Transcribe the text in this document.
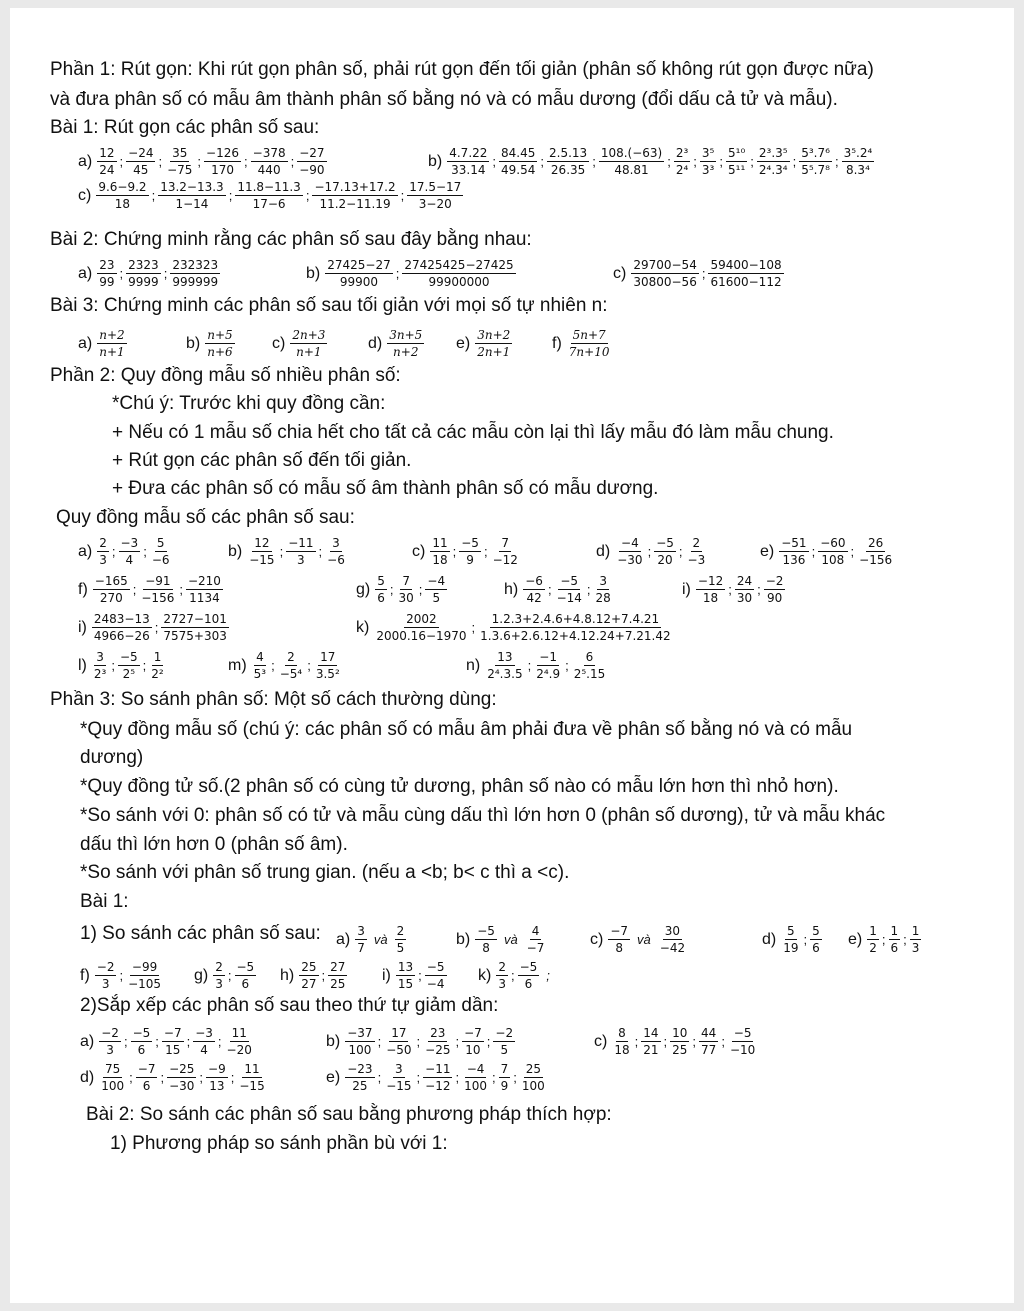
Phần 1: Rút gọn: Khi rút gọn phân số, phải rút gọn đến tối giản (phân số không rút gọn được nữa)
và đưa phân số có mẫu âm thành phân số bằng nó và có mẫu dương (đổi dấu cả tử và mẫu).
Bài 1: Rút gọn các phân số sau:
$a) \frac{12}{24}$ ; $\frac{-24}{45}$ ; $\frac{35}{-75}$ ; $\frac{-126}{170}$ ; $\frac{-378}{440}$ ; $\frac{-27}{-90}$	$b) \frac{4.7.22}{33.14}$ ; $\frac{84.45}{49.54}$ ; $\frac{2.5.13}{26.35}$ ; $\frac{108.(-63)}{48.81}$ ; $\frac{\text{2³}}{\text{2⁴}}$ ; $\frac{\text{3⁵}}{\text{3³}}$ ; $\frac{\text{5¹⁰}}{\text{5¹¹}}$ ; $\frac{\text{2³.3⁵}}{\text{2⁴.3⁴}}$ ; $\frac{\text{5³.7⁶}}{\text{5⁵.7⁸}}$ ; $\frac{\text{3⁵.2⁴}}{\text{8.3⁴}}$
$c) \frac{9.6-9.2}{18}$ ; $\frac{13.2-13.3}{1-14}$ ; $\frac{11.8-11.3}{17-6}$ ; $\frac{-17.13+17.2}{11.2-11.19}$ ; $\frac{17.5-17}{3-20}$
Bài 2: Chứng minh rằng các phân số sau đây bằng nhau:
$a) \frac{23}{99}$ ; $\frac{2323}{9999}$ ; $\frac{232323}{999999}$	$b) \frac{27425-27}{99900}$ ; $\frac{27425425-27425}{99900000}$	$c) \frac{29700-54}{30800-56}$ ; $\frac{59400-108}{61600-112}$
Bài 3: Chứng minh các phân số sau tối giản với mọi số tự nhiên n:
$a) \frac{n+2}{n+1}$	$b) \frac{n+5}{n+6} c) \frac{2n+3}{n+1}$	$d) \frac{3n+5}{n+2} e) \frac{3n+2}{2n+1} f) \frac{5n+7}{7n+10}$
Phần 2: Quy đồng mẫu số nhiều phân số:
*Chú ý: Trước khi quy đồng cần:
+ Nếu có 1 mẫu số chia hết cho tất cả các mẫu còn lại thì lấy mẫu đó làm mẫu chung.
+ Rút gọn các phân số đến tối giản.
+ Đưa các phân số có mẫu số âm thành phân số có mẫu dương.
Quy đồng mẫu số các phân số sau:
$a) \frac{2}{3}$ ; $\frac{-3}{4}$ ; $\frac{5}{-6}$	$b) \frac{12}{-15}$ ; $\frac{-11}{3}$ ; $\frac{3}{-6}$	$c) \frac{11}{18}$ ; $\frac{-5}{9}$ ; $\frac{7}{-12}$	$d) \frac{-4}{-30}$ ; $\frac{-5}{20}$ ; $\frac{2}{-3}$	$e) \frac{-51}{136}$ ; $\frac{-60}{108}$ ; $\frac{26}{-156}$
$f) \frac{-165}{270}$ ; $\frac{-91}{-156}$ ; $\frac{-210}{1134}$	$g) \frac{5}{6}$ ; $\frac{7}{30}$ ; $\frac{-4}{5}$	$h) \frac{-6}{42}$ ; $\frac{-5}{-14}$ ; $\frac{3}{28}$	$i) \frac{-12}{18}$ ; $\frac{24}{30}$ ; $\frac{-2}{90}$
$i) \frac{2483-13}{4966-26}$ ; $\frac{2727-101}{7575+303}$	$k) \frac{2002}{2000.16-1970}$ ; $\frac{1.2.3+2.4.6+4.8.12+7.4.21}{1.3.6+2.6.12+4.12.24+7.21.42}$
$l) \frac{3}{\text{2³}}$ ; $\frac{-5}{\text{2⁵}}$ ; $\frac{1}{\text{2²}}$	$m) \frac{4}{\text{5³}}$ ; $\frac{2}{\text{−5⁴}}$ ; $\frac{17}{\text{3.5²}}$	$n) \frac{13}{\text{2⁴.3.5}}$ ; $\frac{-1}{\text{2⁴.9}}$ ; $\frac{6}{\text{2⁵.15}}$
Phần 3: So sánh phân số: Một số cách thường dùng:
*Quy đồng mẫu số (chú ý: các phân số có mẫu âm phải đưa về phân số bằng nó và có mẫu
dương)
*Quy đồng tử số.(2 phân số có cùng tử dương, phân số nào có mẫu lớn hơn thì nhỏ hơn).
*So sánh với 0: phân số có tử và mẫu cùng dấu thì lớn hơn 0 (phân số dương), tử và mẫu khác
dấu thì lớn hơn 0 (phân số âm).
*So sánh với phân số trung gian. (nếu a <b; b< c thì a <c).
Bài 1:
1) So sánh các phân số sau: $a) \frac{3}{7}$ và $\frac{2}{5}$	$b) \frac{-5}{8}$ và $\frac{4}{-7}$	$c) \frac{-7}{8}$ và $\frac{30}{-42}$	$d) \frac{5}{19}$ ; $\frac{5}{6} e) \frac{1}{2}$ ; $\frac{1}{6}$ ; $\frac{1}{3}$
$f) \frac{-2}{3}$ ; $\frac{-99}{-105} g) \frac{2}{3}$ ; $\frac{-5}{6} h) \frac{25}{27}$ ; $\frac{27}{25} i) \frac{13}{15}$ ; $\frac{-5}{-4} k) \frac{2}{3}$ ; $\frac{-5}{6}$ ;
2)Sắp xếp các phân số sau theo thứ tự giảm dần:
$a) \frac{-2}{3}$ ; $\frac{-5}{6}$ ; $\frac{-7}{15}$ ; $\frac{-3}{4}$ ; $\frac{11}{-20}$	$b) \frac{-37}{100}$ ; $\frac{17}{-50}$ ; $\frac{23}{-25}$ ; $\frac{-7}{10}$ ; $\frac{-2}{5}$	$c) \frac{8}{18}$ ; $\frac{14}{21}$ ; $\frac{10}{25}$ ; $\frac{44}{77}$ ; $\frac{-5}{-10}$
$d) \frac{75}{100}$ ; $\frac{-7}{6}$ ; $\frac{-25}{-30}$ ; $\frac{-9}{13}$ ; $\frac{11}{-15}$	$e) \frac{-23}{25}$ ; $\frac{3}{-15}$ ; $\frac{-11}{-12}$ ; $\frac{-4}{100}$ ; $\frac{7}{9}$ ; $\frac{25}{100}$
Bài 2: So sánh các phân số sau bằng phương pháp thích hợp:
1) Phương pháp so sánh phần bù với 1:
